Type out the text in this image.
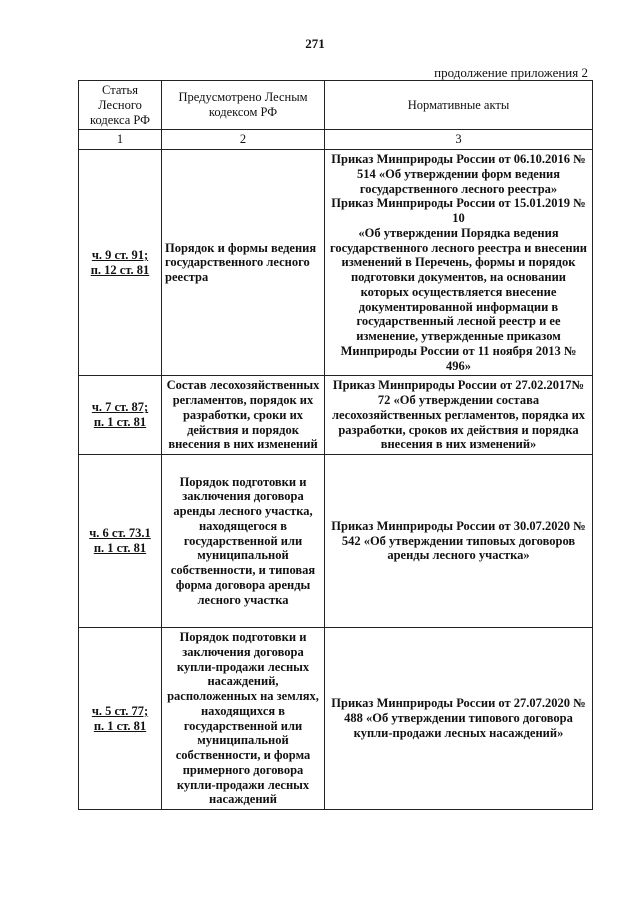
271
продолжение приложения 2
Статья Лесного кодекса РФ	Предусмотрено Лесным кодексом РФ	Нормативные акты
1	2	3

ч. 9 ст. 91;
п. 12 ст. 81	Порядок и формы ведения государственного лесного реестра	Приказ Минприроды России от 06.10.2016 № 514 «Об утверждении форм ведения государственного лесного реестра»
Приказ Минприроды России от 15.01.2019 № 10
«Об утверждении Порядка ведения государственного лесного реестра и внесении изменений в Перечень, формы и порядок подготовки документов, на основании которых осуществляется внесение документированной информации в государственный лесной реестр и ее изменение, утвержденные приказом Минприроды России от 11 ноября 2013 № 496»

ч. 7 ст. 87;
п. 1 ст. 81	Состав лесохозяйственных регламентов, порядок их разработки, сроки их действия и порядок внесения в них изменений	Приказ Минприроды России от 27.02.2017№ 72 «Об утверждении состава лесохозяйственных регламентов, порядка их разработки, сроков их действия и порядка внесения в них изменений»

ч. 6 ст. 73.1
п. 1 ст. 81	Порядок подготовки и заключения договора аренды лесного участка, находящегося в государственной или муниципальной собственности, и типовая форма договора аренды лесного участка	Приказ Минприроды России от 30.07.2020 № 542 «Об утверждении типовых договоров аренды лесного участка»

ч. 5 ст. 77;
п. 1 ст. 81	Порядок подготовки и заключения договора купли-продажи лесных насаждений, расположенных на землях, находящихся в государственной или муниципальной собственности, и форма примерного договора купли-продажи лесных насаждений	Приказ Минприроды России от 27.07.2020 № 488 «Об утверждении типового договора купли-продажи лесных насаждений»
